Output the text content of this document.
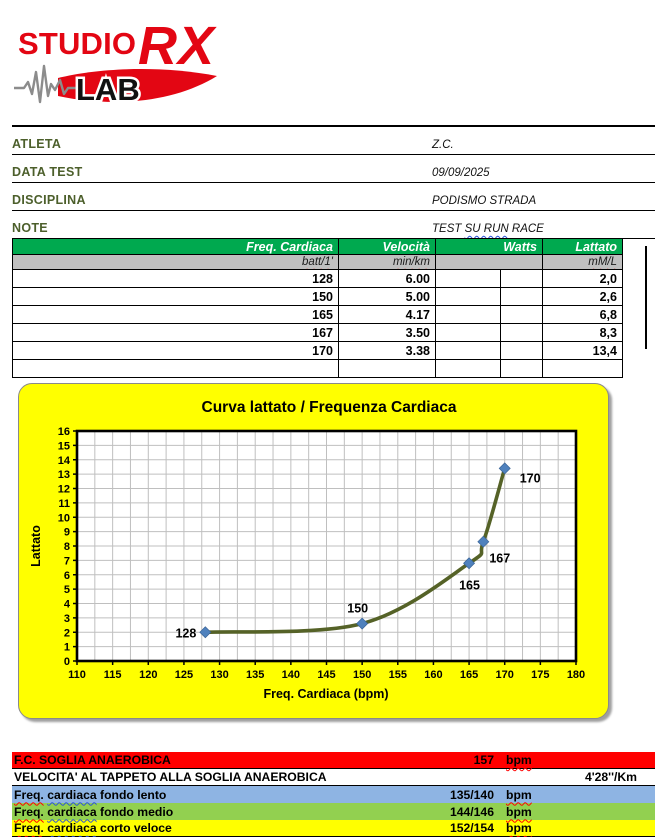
STUDIO RX
LAB
ATLETA	Z.C.
DATA TEST	09/09/2025
DISCIPLINA	PODISMO STRADA
NOTE	TEST SU RUN RACE
Freq. Cardiaca	Velocità	Watts		Lattato
batt/1'	min/km			mM/L
128	6.00			2,0
150	5.00			2,6
165	4.17			6,8
167	3.50			8,3
170	3.38			13,4

Curva lattato / Frequenza Cardiaca
110 115 120 125 130 135 140 145 150 155 160 165 170 175 180
0
1
2
3
4
5
6
7
8
9
10
11
12
13
14
15
16
128
150
165
167
170
Freq. Cardiaca (bpm)
Lattato
F.C. SOGLIA ANAEROBICA	157 bpm
VELOCITA' AL TAPPETO ALLA SOGLIA ANAEROBICA	4'28''/Km
Freq. cardiaca fondo lento	135/140 bpm
Freq. cardiaca fondo medio	144/146 bpm
Freq. cardiaca corto veloce	152/154 bpm
